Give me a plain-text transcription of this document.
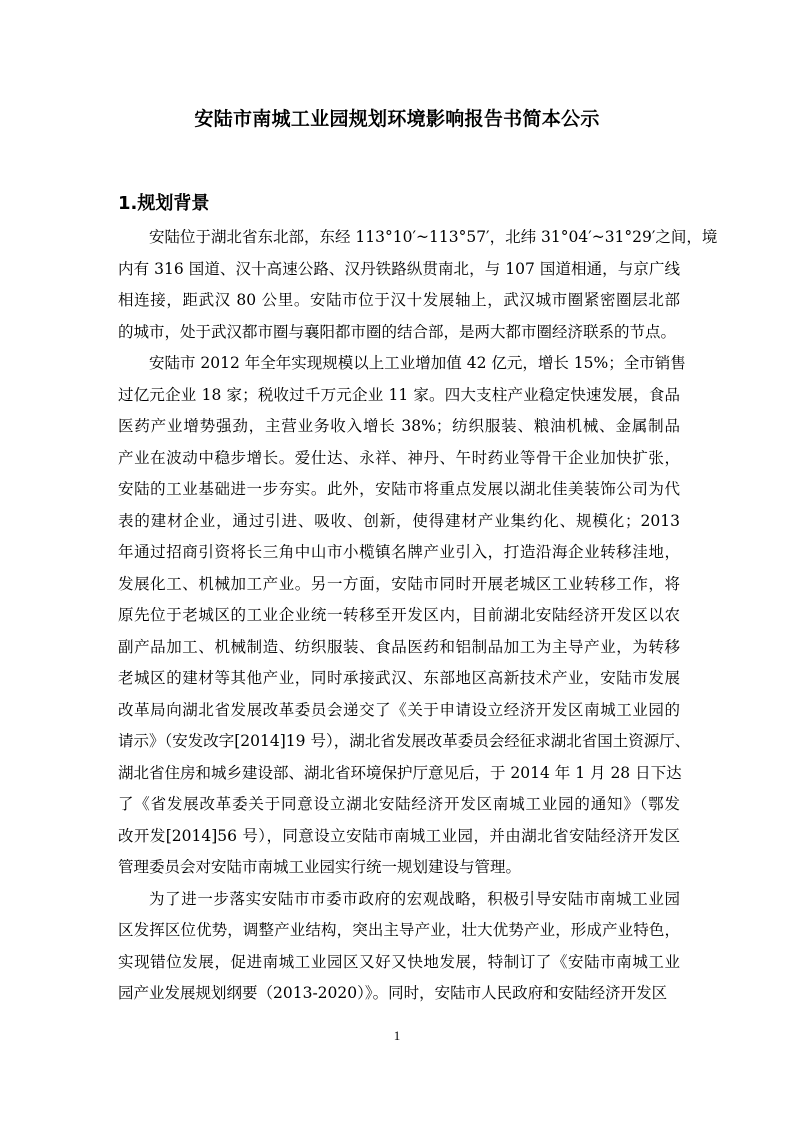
安陆市南城工业园规划环境影响报告书简本公示
1.规划背景
安陆位于湖北省东北部，东经 113°10′~113°57′，北纬 31°04′~31°29′之间，境
内有 316 国道、汉十高速公路、汉丹铁路纵贯南北，与 107 国道相通，与京广线
相连接，距武汉 80 公里。安陆市位于汉十发展轴上，武汉城市圈紧密圈层北部
的城市，处于武汉都市圈与襄阳都市圈的结合部，是两大都市圈经济联系的节点。
安陆市 2012 年全年实现规模以上工业增加值 42 亿元，增长 15%；全市销售
过亿元企业 18 家；税收过千万元企业 11 家。四大支柱产业稳定快速发展，食品
医药产业增势强劲，主营业务收入增长 38%；纺织服装、粮油机械、金属制品
产业在波动中稳步增长。爱仕达、永祥、神丹、午时药业等骨干企业加快扩张，
安陆的工业基础进一步夯实。此外，安陆市将重点发展以湖北佳美装饰公司为代
表的建材企业，通过引进、吸收、创新，使得建材产业集约化、规模化；2013
年通过招商引资将长三角中山市小榄镇名牌产业引入，打造沿海企业转移洼地，
发展化工、机械加工产业。另一方面，安陆市同时开展老城区工业转移工作，将
原先位于老城区的工业企业统一转移至开发区内，目前湖北安陆经济开发区以农
副产品加工、机械制造、纺织服装、食品医药和铝制品加工为主导产业，为转移
老城区的建材等其他产业，同时承接武汉、东部地区高新技术产业，安陆市发展
改革局向湖北省发展改革委员会递交了《关于申请设立经济开发区南城工业园的
请示》（安发改字[2014]19 号），湖北省发展改革委员会经征求湖北省国土资源厅、
湖北省住房和城乡建设部、湖北省环境保护厅意见后，于 2014 年 1 月 28 日下达
了《省发展改革委关于同意设立湖北安陆经济开发区南城工业园的通知》（鄂发
改开发[2014]56 号），同意设立安陆市南城工业园，并由湖北省安陆经济开发区
管理委员会对安陆市南城工业园实行统一规划建设与管理。
为了进一步落实安陆市市委市政府的宏观战略，积极引导安陆市南城工业园
区发挥区位优势，调整产业结构，突出主导产业，壮大优势产业，形成产业特色，
实现错位发展，促进南城工业园区又好又快地发展，特制订了《安陆市南城工业
园产业发展规划纲要（2013-2020）》。同时，安陆市人民政府和安陆经济开发区
1
